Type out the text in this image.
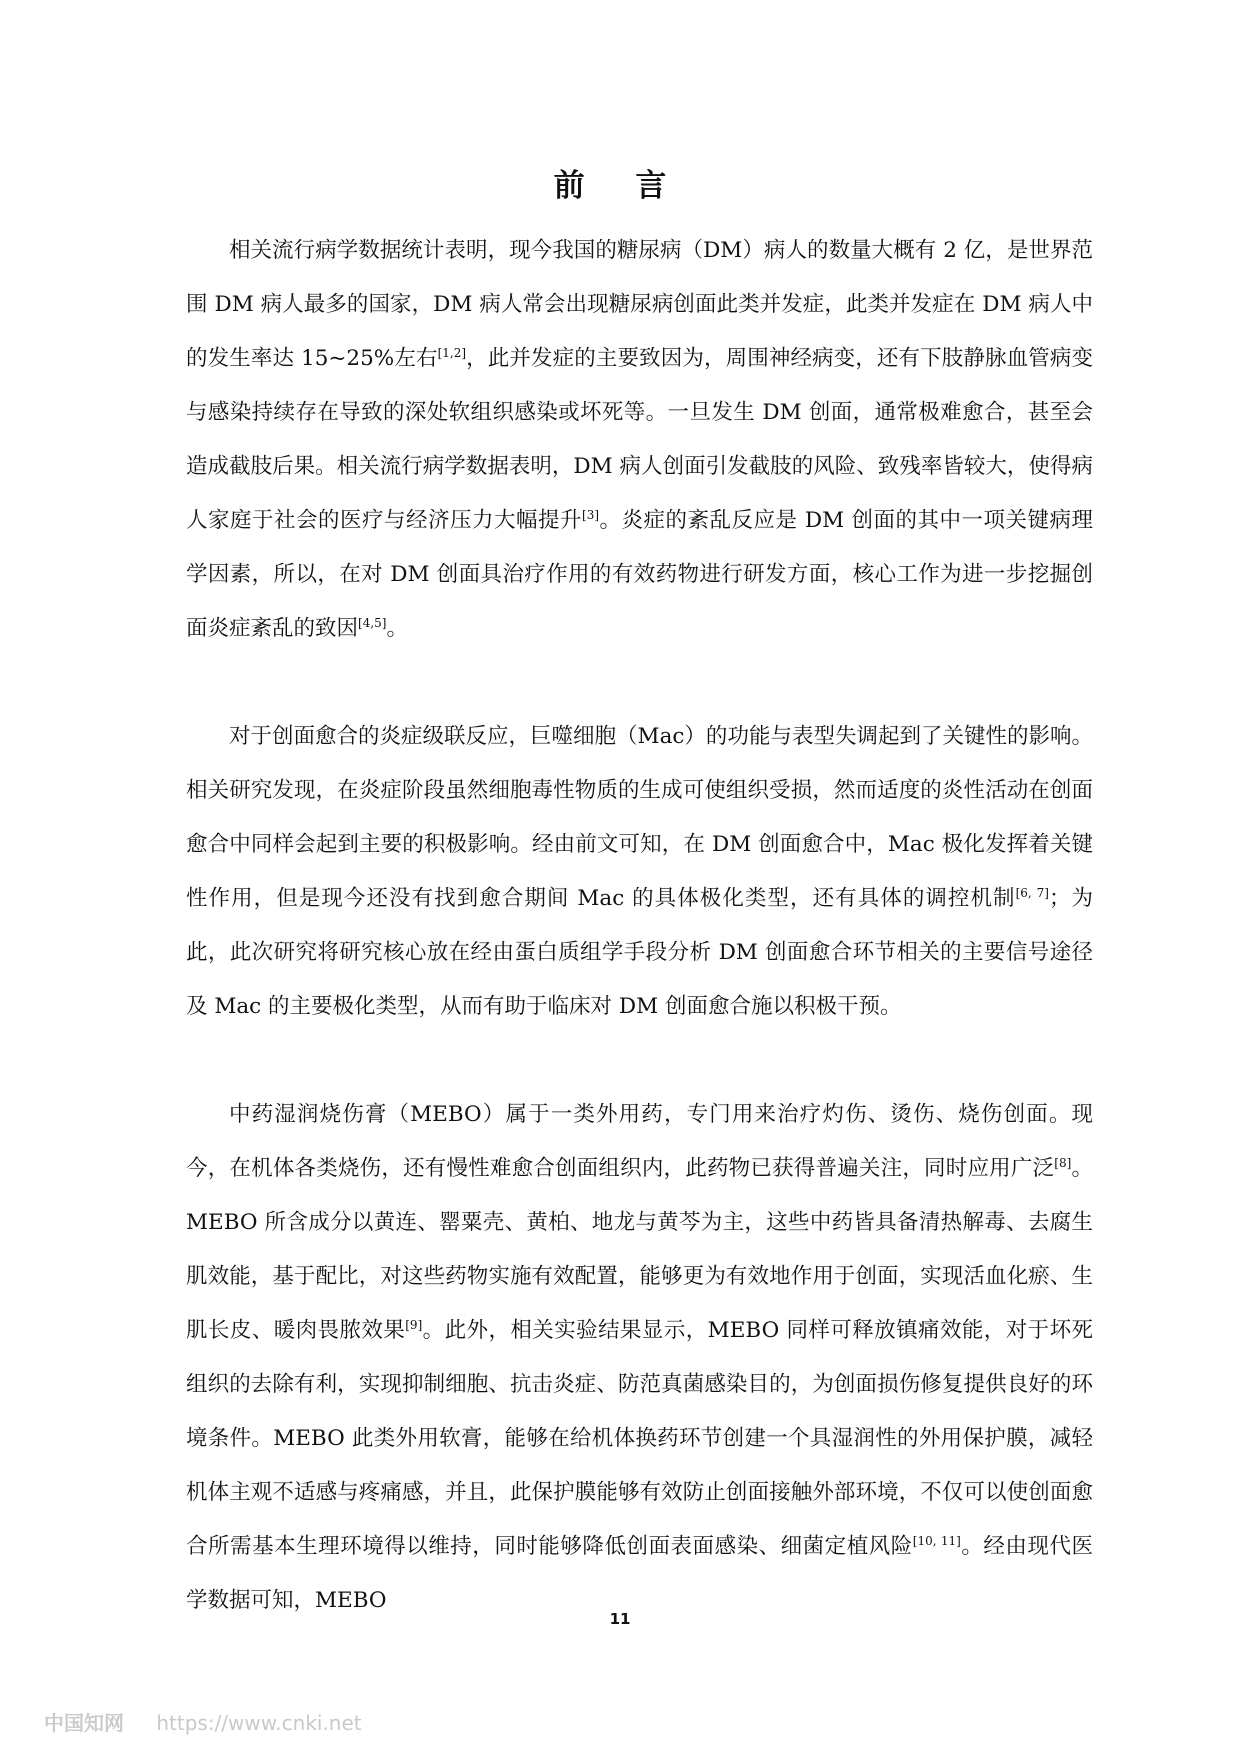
前 言

相关流行病学数据统计表明，现今我国的糖尿病（DM）病人的数量大概有 2 亿，是世界范围 DM 病人最多的国家，DM 病人常会出现糖尿病创面此类并发症，此类并发症在 DM 病人中的发生率达 15~25%左右[1,2]，此并发症的主要致因为，周围神经病变，还有下肢静脉血管病变与感染持续存在导致的深处软组织感染或坏死等。一旦发生 DM 创面，通常极难愈合，甚至会造成截肢后果。相关流行病学数据表明，DM 病人创面引发截肢的风险、致残率皆较大，使得病人家庭于社会的医疗与经济压力大幅提升[3]。炎症的紊乱反应是 DM 创面的其中一项关键病理学因素，所以，在对 DM 创面具治疗作用的有效药物进行研发方面，核心工作为进一步挖掘创面炎症紊乱的致因[4,5]。

对于创面愈合的炎症级联反应，巨噬细胞（Mac）的功能与表型失调起到了关键性的影响。相关研究发现，在炎症阶段虽然细胞毒性物质的生成可使组织受损，然而适度的炎性活动在创面愈合中同样会起到主要的积极影响。经由前文可知，在 DM 创面愈合中，Mac 极化发挥着关键性作用，但是现今还没有找到愈合期间 Mac 的具体极化类型，还有具体的调控机制[6, 7]；为此，此次研究将研究核心放在经由蛋白质组学手段分析 DM 创面愈合环节相关的主要信号途径及 Mac 的主要极化类型，从而有助于临床对 DM 创面愈合施以积极干预。

中药湿润烧伤膏（MEBO）属于一类外用药，专门用来治疗灼伤、烫伤、烧伤创面。现今，在机体各类烧伤，还有慢性难愈合创面组织内，此药物已获得普遍关注，同时应用广泛[8]。MEBO 所含成分以黄连、罂粟壳、黄柏、地龙与黄芩为主，这些中药皆具备清热解毒、去腐生肌效能，基于配比，对这些药物实施有效配置，能够更为有效地作用于创面，实现活血化瘀、生肌长皮、暖肉畏脓效果[9]。此外，相关实验结果显示，MEBO 同样可释放镇痛效能，对于坏死组织的去除有利，实现抑制细胞、抗击炎症、防范真菌感染目的，为创面损伤修复提供良好的环境条件。MEBO 此类外用软膏，能够在给机体换药环节创建一个具湿润性的外用保护膜，减轻机体主观不适感与疼痛感，并且，此保护膜能够有效防止创面接触外部环境，不仅可以使创面愈合所需基本生理环境得以维持，同时能够降低创面表面感染、细菌定植风险[10, 11]。经由现代医学数据可知，MEBO

11
中国知网 https://www.cnki.net
